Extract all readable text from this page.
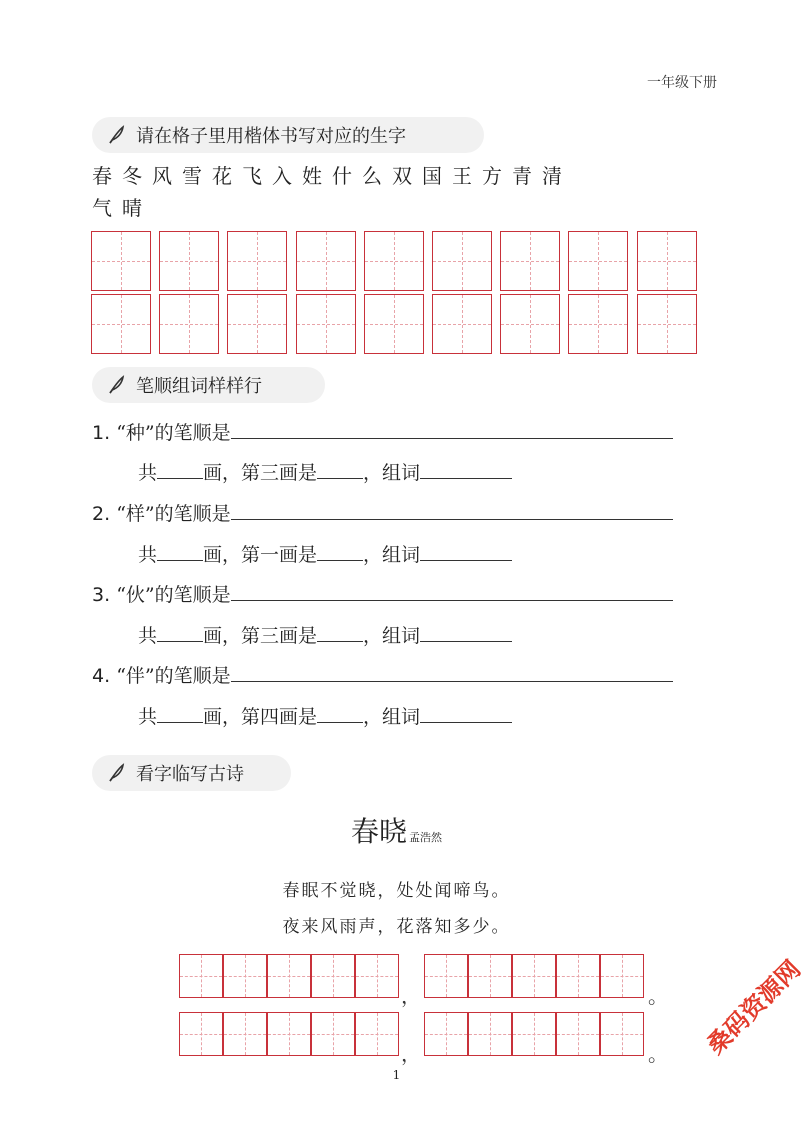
一年级下册
请在格子里用楷体书写对应的生字
春冬风雪花飞入姓什么双国王方青清
气晴
笔顺组词样样行
1. “种”的笔顺是
共 画，第三画是 ，组词
2. “样”的笔顺是
共 画，第一画是 ，组词
3. “伙”的笔顺是
共 画，第三画是 ，组词
4. “伴”的笔顺是
共 画，第四画是 ，组词
看字临写古诗
春晓 孟浩然
春眠不觉晓，处处闻啼鸟。
夜来风雨声，花落知多少。
，	。
，	。 桑码资源网
1
